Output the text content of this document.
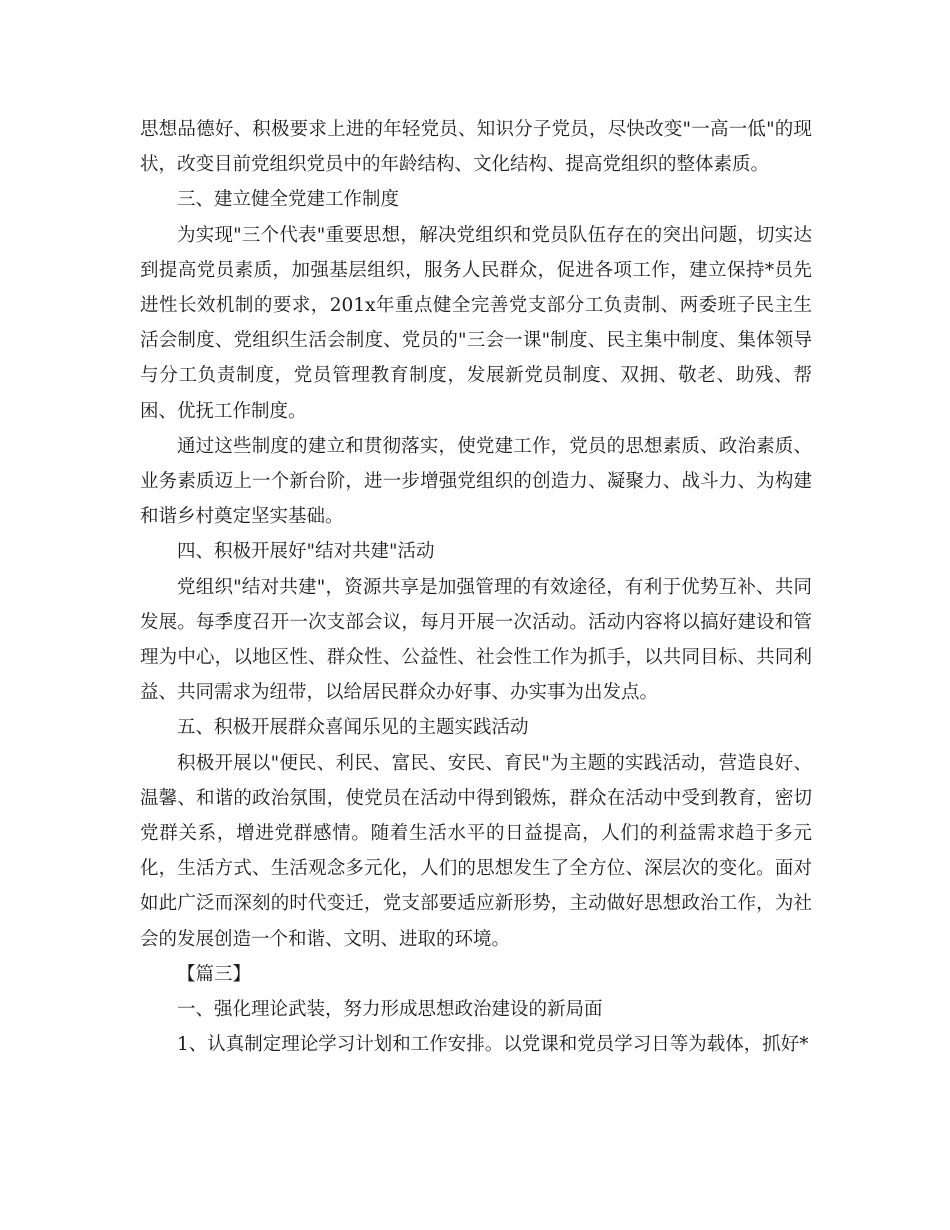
思想品德好、积极要求上进的年轻党员、知识分子党员，尽快改变"一高一低"的现状，改变目前党组织党员中的年龄结构、文化结构、提高党组织的整体素质。

三、建立健全党建工作制度

为实现"三个代表"重要思想，解决党组织和党员队伍存在的突出问题，切实达到提高党员素质，加强基层组织，服务人民群众，促进各项工作，建立保持*员先进性长效机制的要求，201x年重点健全完善党支部分工负责制、两委班子民主生活会制度、党组织生活会制度、党员的"三会一课"制度、民主集中制度、集体领导与分工负责制度，党员管理教育制度，发展新党员制度、双拥、敬老、助残、帮困、优抚工作制度。

通过这些制度的建立和贯彻落实，使党建工作，党员的思想素质、政治素质、业务素质迈上一个新台阶，进一步增强党组织的创造力、凝聚力、战斗力、为构建和谐乡村奠定坚实基础。

四、积极开展好"结对共建"活动

党组织"结对共建"，资源共享是加强管理的有效途径，有利于优势互补、共同发展。每季度召开一次支部会议，每月开展一次活动。活动内容将以搞好建设和管理为中心，以地区性、群众性、公益性、社会性工作为抓手，以共同目标、共同利益、共同需求为纽带，以给居民群众办好事、办实事为出发点。

五、积极开展群众喜闻乐见的主题实践活动

积极开展以"便民、利民、富民、安民、育民"为主题的实践活动，营造良好、温馨、和谐的政治氛围，使党员在活动中得到锻炼，群众在活动中受到教育，密切党群关系，增进党群感情。随着生活水平的日益提高，人们的利益需求趋于多元化，生活方式、生活观念多元化，人们的思想发生了全方位、深层次的变化。面对如此广泛而深刻的时代变迁，党支部要适应新形势，主动做好思想政治工作，为社会的发展创造一个和谐、文明、进取的环境。

【篇三】

一、强化理论武装，努力形成思想政治建设的新局面

1、认真制定理论学习计划和工作安排。以党课和党员学习日等为载体，抓好*
